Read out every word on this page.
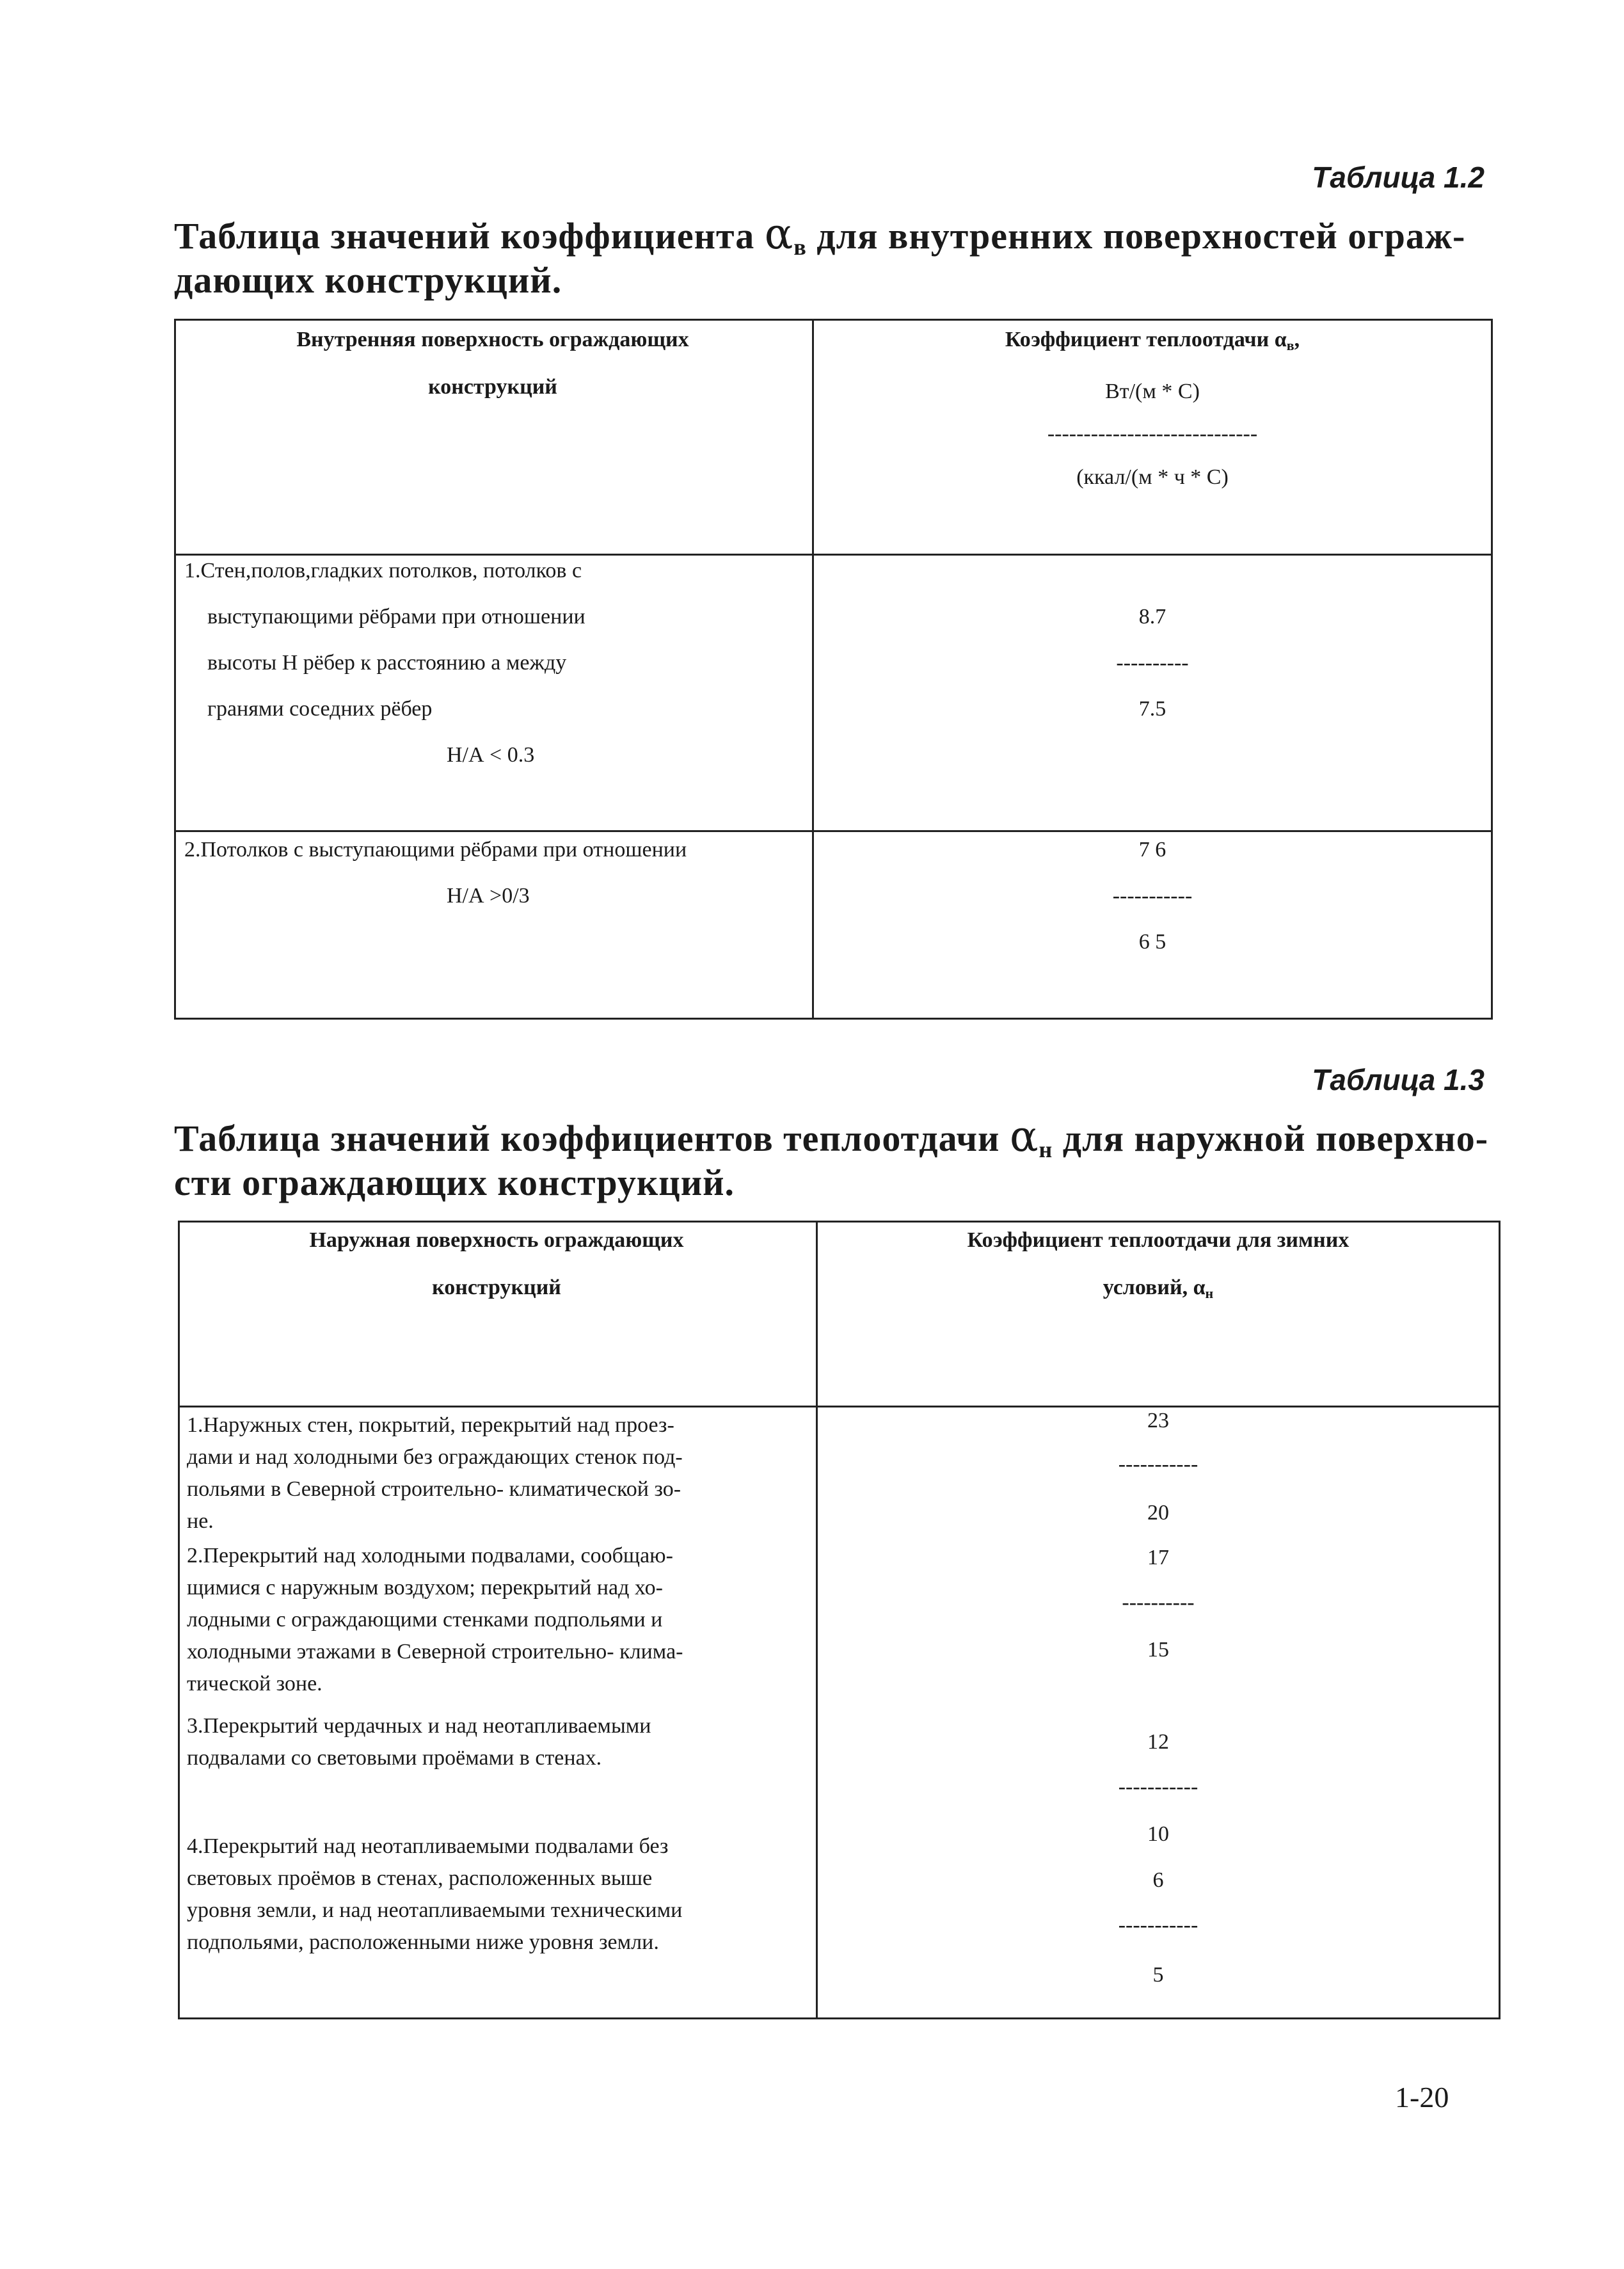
Таблица 1.2
Таблица значений коэффициента $\alpha_в$ для внутренних поверхностей ограж-
дающих конструкций.
Внутренняя поверхность ограждающих
конструкций
Коэффициент теплоотдачи αв,
Вт/(м * С)
-----------------------------
(ккал/(м * ч * С)
1.Стен,полов,гладких потолков, потолков с
выступающими рёбрами при отношении
высоты Н рёбер к расстоянию а между
гранями соседних рёбер
Н/А < 0.3
8.7
----------
7.5
2.Потолков с выступающими рёбрами при отношении
Н/А >0/3
7 6
-----------
6 5
Таблица 1.3
Таблица значений коэффициентов теплоотдачи $\alpha_н$ для наружной поверхно-
сти ограждающих конструкций.
Наружная поверхность ограждающих
конструкций
Коэффициент теплоотдачи для зимних
условий, αн
1.Наружных стен, покрытий, перекрытий над проез-
дами и над холодными без ограждающих стенок под-
польями в Северной строительно- климатической зо-
не.
23
-----------
20
2.Перекрытий над холодными подвалами, сообщаю-
щимися с наружным воздухом; перекрытий над хо-
лодными с ограждающими стенками подпольями и
холодными этажами в Северной строительно- клима-
тической зоне.
17
----------
15
3.Перекрытий чердачных и над неотапливаемыми
подвалами со световыми проёмами в стенах.
12
-----------
10
4.Перекрытий над неотапливаемыми подвалами без
световых проёмов в стенах, расположенных выше
уровня земли, и над неотапливаемыми техническими
подпольями, расположенными ниже уровня земли.
6
-----------
5
1-20
